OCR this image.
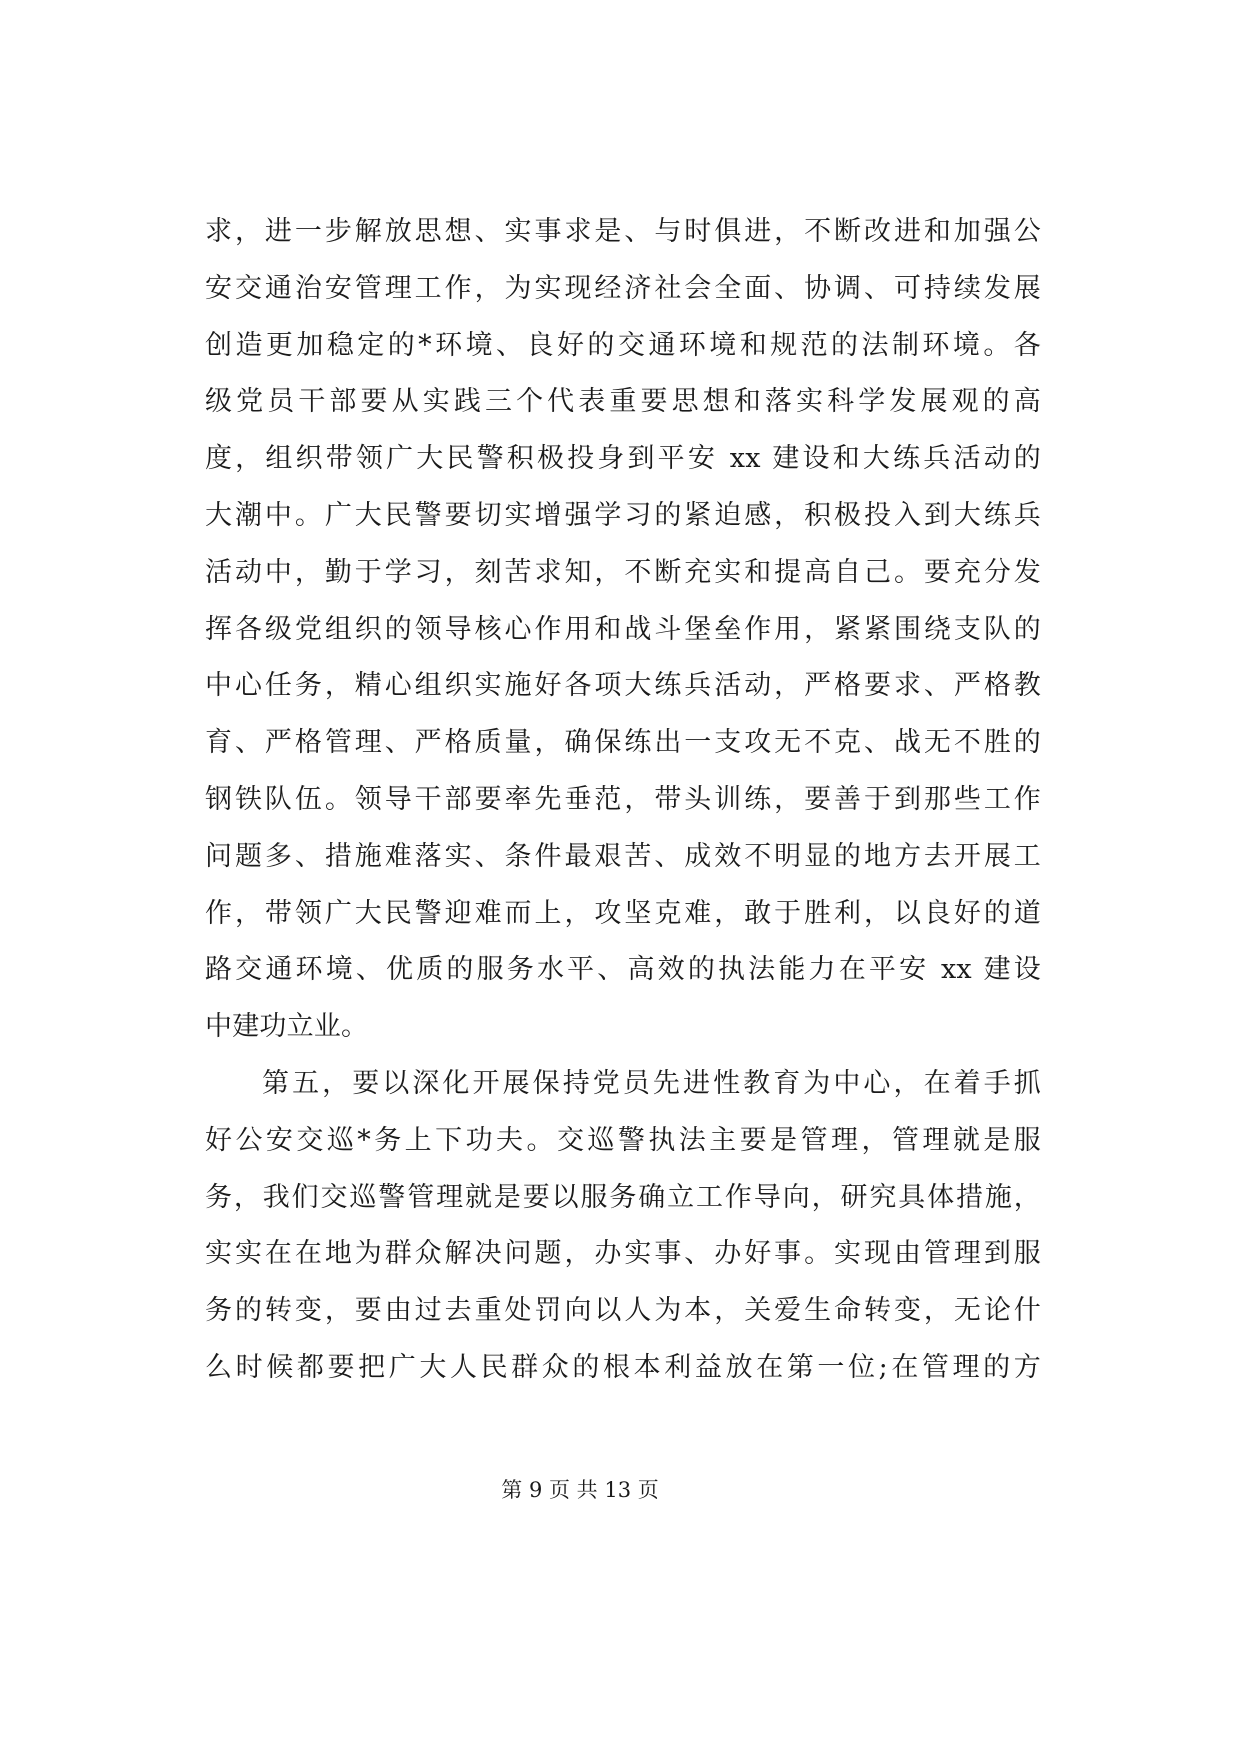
求，进一步解放思想、实事求是、与时俱进，不断改进和加强公
安交通治安管理工作，为实现经济社会全面、协调、可持续发展
创造更加稳定的*环境、良好的交通环境和规范的法制环境。各
级党员干部要从实践三个代表重要思想和落实科学发展观的高
度，组织带领广大民警积极投身到平安 xx 建设和大练兵活动的
大潮中。广大民警要切实增强学习的紧迫感，积极投入到大练兵
活动中，勤于学习，刻苦求知，不断充实和提高自己。要充分发
挥各级党组织的领导核心作用和战斗堡垒作用，紧紧围绕支队的
中心任务，精心组织实施好各项大练兵活动，严格要求、严格教
育、严格管理、严格质量，确保练出一支攻无不克、战无不胜的
钢铁队伍。领导干部要率先垂范，带头训练，要善于到那些工作
问题多、措施难落实、条件最艰苦、成效不明显的地方去开展工
作，带领广大民警迎难而上，攻坚克难，敢于胜利，以良好的道
路交通环境、优质的服务水平、高效的执法能力在平安 xx 建设
中建功立业。
第五，要以深化开展保持党员先进性教育为中心，在着手抓
好公安交巡*务上下功夫。交巡警执法主要是管理，管理就是服
务，我们交巡警管理就是要以服务确立工作导向，研究具体措施，
实实在在地为群众解决问题，办实事、办好事。实现由管理到服
务的转变，要由过去重处罚向以人为本，关爱生命转变，无论什
么时候都要把广大人民群众的根本利益放在第一位;在管理的方
第 9 页 共 13 页
